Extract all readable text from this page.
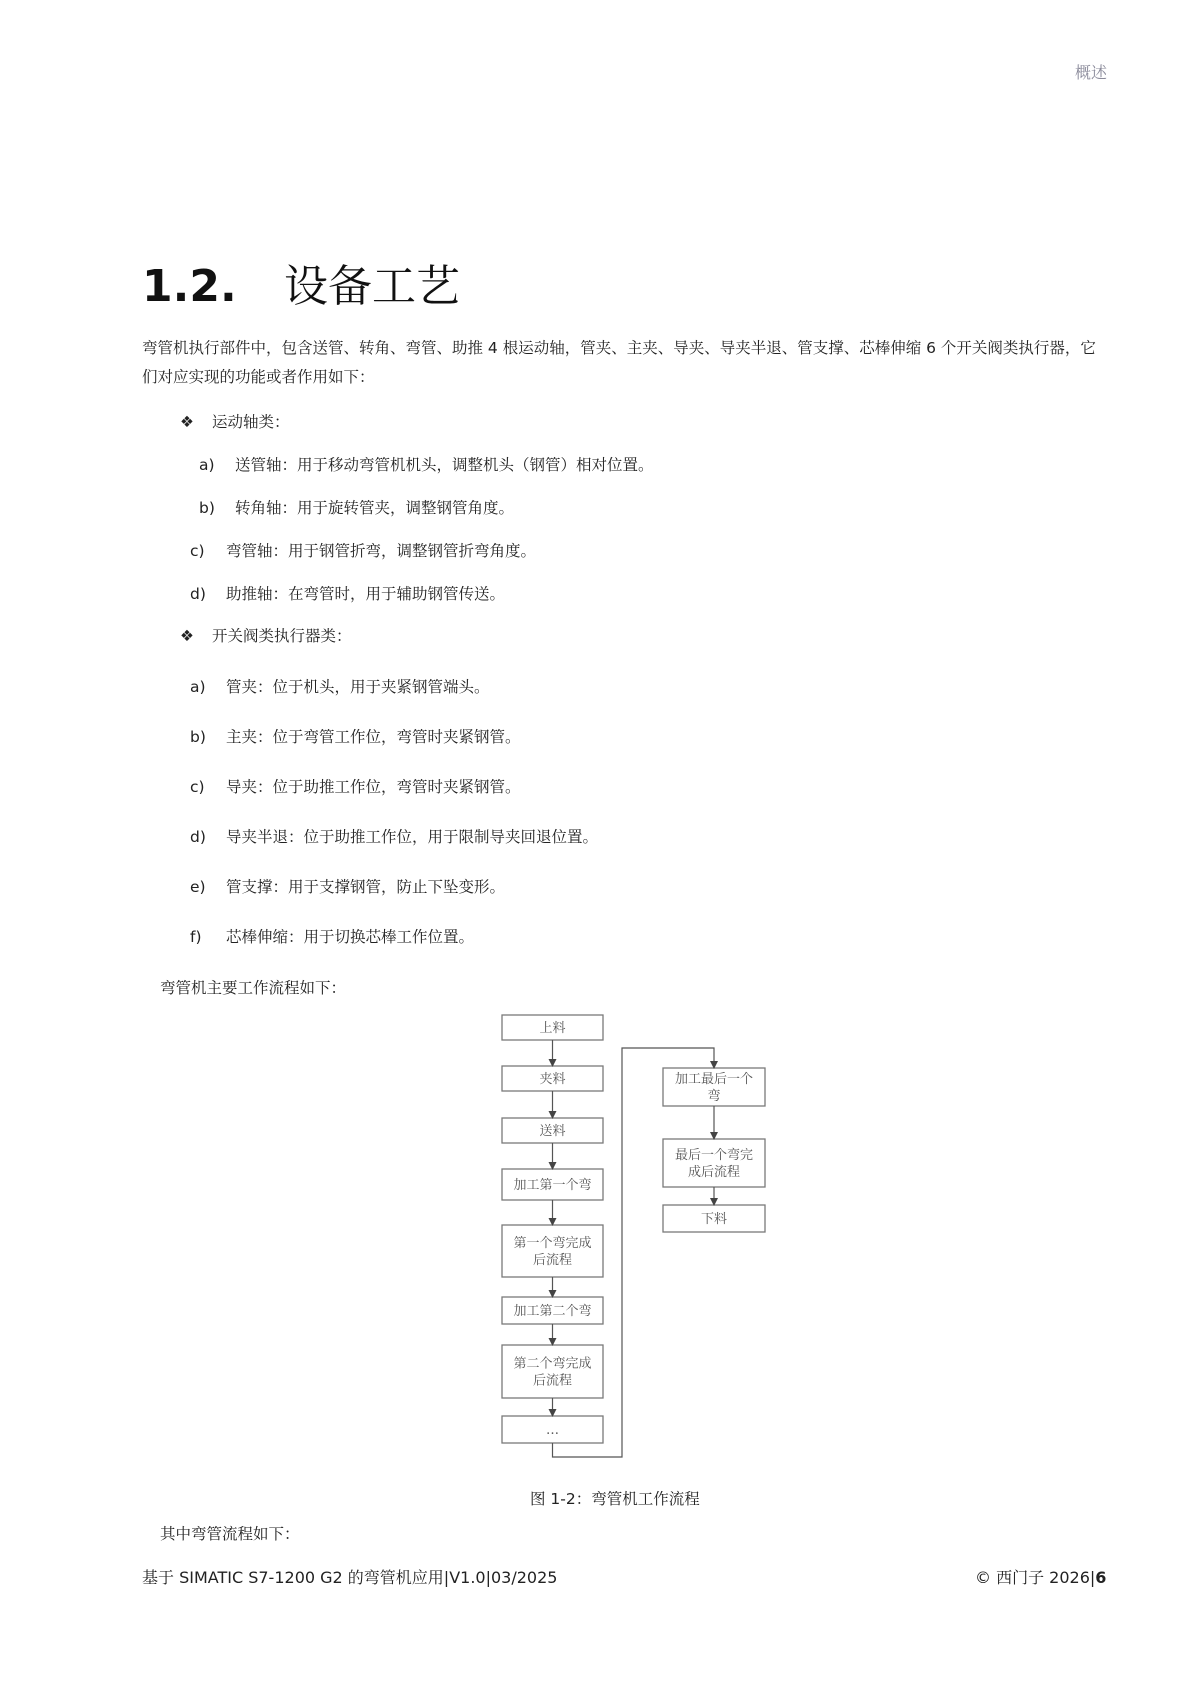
概述
1.2. 设备工艺
弯管机执行部件中，包含送管、转角、弯管、助推 4 根运动轴，管夹、主夹、导夹、导夹半退、管支撑、芯棒伸缩 6 个开关阀类执行器，它们对应实现的功能或者作用如下：
❖ 运动轴类：
a) 送管轴：用于移动弯管机机头，调整机头（钢管）相对位置。
b) 转角轴：用于旋转管夹，调整钢管角度。
c) 弯管轴：用于钢管折弯，调整钢管折弯角度。
d) 助推轴：在弯管时，用于辅助钢管传送。
❖ 开关阀类执行器类：
a) 管夹：位于机头，用于夹紧钢管端头。
b) 主夹：位于弯管工作位，弯管时夹紧钢管。
c) 导夹：位于助推工作位，弯管时夹紧钢管。
d) 导夹半退：位于助推工作位，用于限制导夹回退位置。
e) 管支撑：用于支撑钢管，防止下坠变形。
f) 芯棒伸缩：用于切换芯棒工作位置。
弯管机主要工作流程如下：
上料
夹料
送料
加工第一个弯
第一个弯完成
后流程
加工第二个弯
第二个弯完成
后流程
…
加工最后一个
弯
最后一个弯完
成后流程
下料
图 1-2：弯管机工作流程
其中弯管流程如下：
基于 SIMATIC S7-1200 G2 的弯管机应用|V1.0|03/2025	© 西门子 2026|6
